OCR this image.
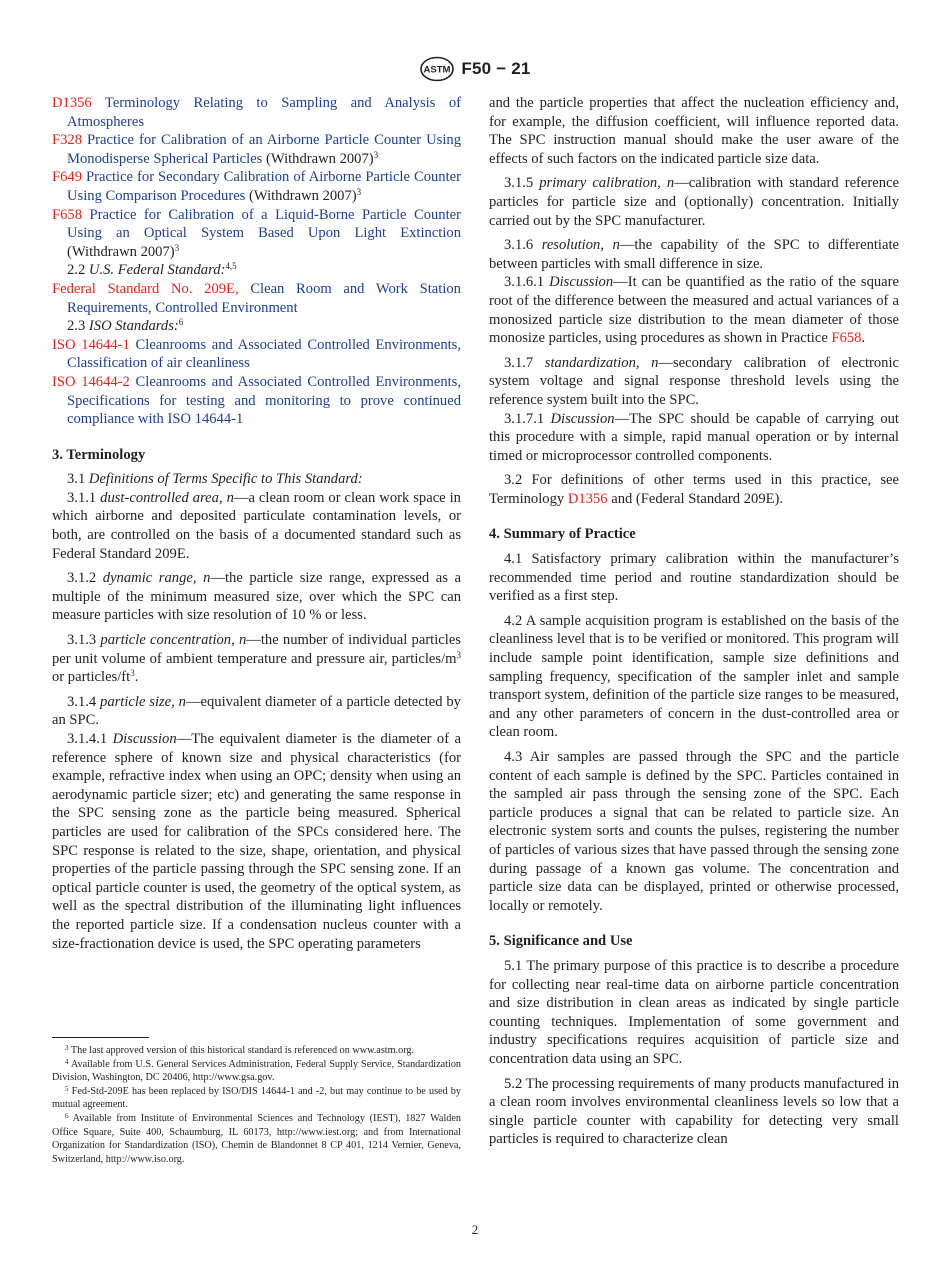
ASTM F50 − 21

D1356 Terminology Relating to Sampling and Analysis of Atmospheres

F328 Practice for Calibration of an Airborne Particle Counter Using Monodisperse Spherical Particles (Withdrawn 2007)$^3$

F649 Practice for Secondary Calibration of Airborne Particle Counter Using Comparison Procedures (Withdrawn 2007)$^3$

F658 Practice for Calibration of a Liquid-Borne Particle Counter Using an Optical System Based Upon Light Extinction (Withdrawn 2007)$^3$

2.2 U.S. Federal Standard:$^{4,5}$

Federal Standard No. 209E, Clean Room and Work Station Requirements, Controlled Environment

2.3 ISO Standards:$^6$

ISO 14644-1 Cleanrooms and Associated Controlled Environments, Classification of air cleanliness

ISO 14644-2 Cleanrooms and Associated Controlled Environments, Specifications for testing and monitoring to prove continued compliance with ISO 14644-1

3. Terminology

3.1 Definitions of Terms Specific to This Standard:

3.1.1 dust-controlled area, n—a clean room or clean work space in which airborne and deposited particulate contamination levels, or both, are controlled on the basis of a documented standard such as Federal Standard 209E.

3.1.2 dynamic range, n—the particle size range, expressed as a multiple of the minimum measured size, over which the SPC can measure particles with size resolution of 10 % or less.

3.1.3 particle concentration, n—the number of individual particles per unit volume of ambient temperature and pressure air, particles/$m^3$ or particles/$ft^3$.

3.1.4 particle size, n—equivalent diameter of a particle detected by an SPC.

3.1.4.1 Discussion—The equivalent diameter is the diameter of a reference sphere of known size and physical characteristics (for example, refractive index when using an OPC; density when using an aerodynamic particle sizer; etc) and generating the same response in the SPC sensing zone as the particle being measured. Spherical particles are used for calibration of the SPCs considered here. The SPC response is related to the size, shape, orientation, and physical properties of the particle passing through the SPC sensing zone. If an optical particle counter is used, the geometry of the optical system, as well as the spectral distribution of the illuminating light influences the reported particle size. If a condensation nucleus counter with a size-fractionation device is used, the SPC operating parameters

$^3$ The last approved version of this historical standard is referenced on www.astm.org.

$^4$ Available from U.S. General Services Administration, Federal Supply Service, Standardization Division, Washington, DC 20406, http://www.gsa.gov.

$^5$ Fed-Std-209E has been replaced by ISO/DIS 14644-1 and -2, but may continue to be used by mutual agreement.

$^6$ Available from Institute of Environmental Sciences and Technology (IEST), 1827 Walden Office Square, Suite 400, Schaumburg, IL 60173, http://www.iest.org; and from International Organization for Standardization (ISO), Chemin de Blandonnet 8 CP 401, 1214 Vernier, Geneva, Switzerland, http://www.iso.org.

and the particle properties that affect the nucleation efficiency and, for example, the diffusion coefficient, will influence reported data. The SPC instruction manual should make the user aware of the effects of such factors on the indicated particle size data.

3.1.5 primary calibration, n—calibration with standard reference particles for particle size and (optionally) concentration. Initially carried out by the SPC manufacturer.

3.1.6 resolution, n—the capability of the SPC to differentiate between particles with small difference in size.

3.1.6.1 Discussion—It can be quantified as the ratio of the square root of the difference between the measured and actual variances of a monosized particle size distribution to the mean diameter of those monosize particles, using procedures as shown in Practice F658.

3.1.7 standardization, n—secondary calibration of electronic system voltage and signal response threshold levels using the reference system built into the SPC.

3.1.7.1 Discussion—The SPC should be capable of carrying out this procedure with a simple, rapid manual operation or by internal timed or microprocessor controlled components.

3.2 For definitions of other terms used in this practice, see Terminology D1356 and (Federal Standard 209E).

4. Summary of Practice

4.1 Satisfactory primary calibration within the manufacturer’s recommended time period and routine standardization should be verified as a first step.

4.2 A sample acquisition program is established on the basis of the cleanliness level that is to be verified or monitored. This program will include sample point identification, sample size definitions and sampling frequency, specification of the sampler inlet and sample transport system, definition of the particle size ranges to be measured, and any other parameters of concern in the dust-controlled area or clean room.

4.3 Air samples are passed through the SPC and the particle content of each sample is defined by the SPC. Particles contained in the sampled air pass through the sensing zone of the SPC. Each particle produces a signal that can be related to particle size. An electronic system sorts and counts the pulses, registering the number of particles of various sizes that have passed through the sensing zone during passage of a known gas volume. The concentration and particle size data can be displayed, printed or otherwise processed, locally or remotely.

5. Significance and Use

5.1 The primary purpose of this practice is to describe a procedure for collecting near real-time data on airborne particle concentration and size distribution in clean areas as indicated by single particle counting techniques. Implementation of some government and industry specifications requires acquisition of particle size and concentration data using an SPC.

5.2 The processing requirements of many products manufactured in a clean room involves environmental cleanliness levels so low that a single particle counter with capability for detecting very small particles is required to characterize clean

2
